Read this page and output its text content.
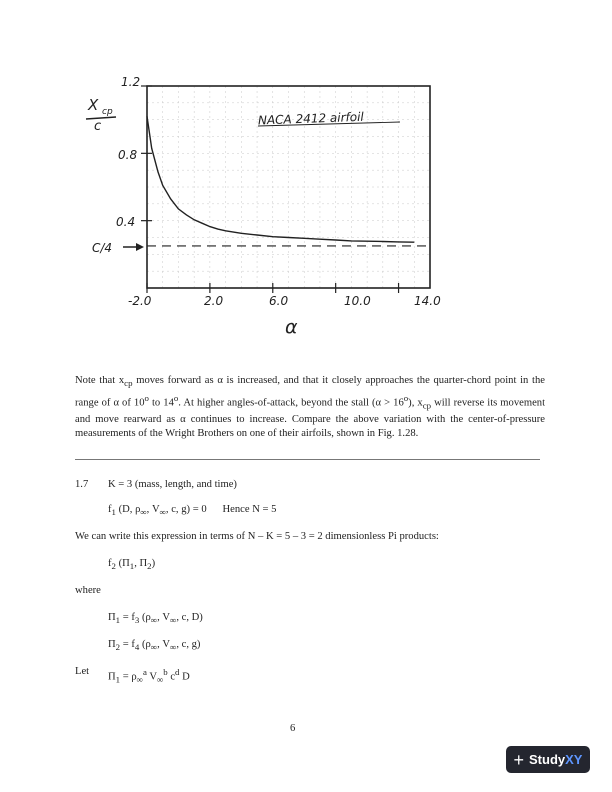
NACA 2412 airfoil
X cp
c
1.2
0.8
0.4
C/4
-2.0	2.0	6.0	10.0	14.0
α

Note that $x_{cp}$ moves forward as α is increased, and that it closely approaches the quarter-chord point in the range of α of 10$^o$ to 14$^o$. At higher angles-of-attack, beyond the stall $(\alpha > 16^o)$, $x_{cp}$ will reverse its movement and move rearward as α continues to increase. Compare the above variation with the center-of-pressure measurements of the Wright Brothers on one of their airfoils, shown in Fig. 1.28.

1.7 K = 3 (mass, length, and time)

$f_1$ (D, $\rho_\infty$, $V_\infty$, c, g) = 0      Hence N = 5

We can write this expression in terms of N – K = 5 – 3 = 2 dimensionless Pi products:

$f_2$ ($\Pi_1$, $\Pi_2$)

where

$\Pi_1 = f_3$ ($\rho_\infty$, $V_\infty$, c, D)

$\Pi_2 = f_4$ ($\rho_\infty$, $V_\infty$, c, g)

Let

$\Pi_1 = \rho_\infty^a$ $V_\infty^b$ $c^d$ D

6
+ Study XY
